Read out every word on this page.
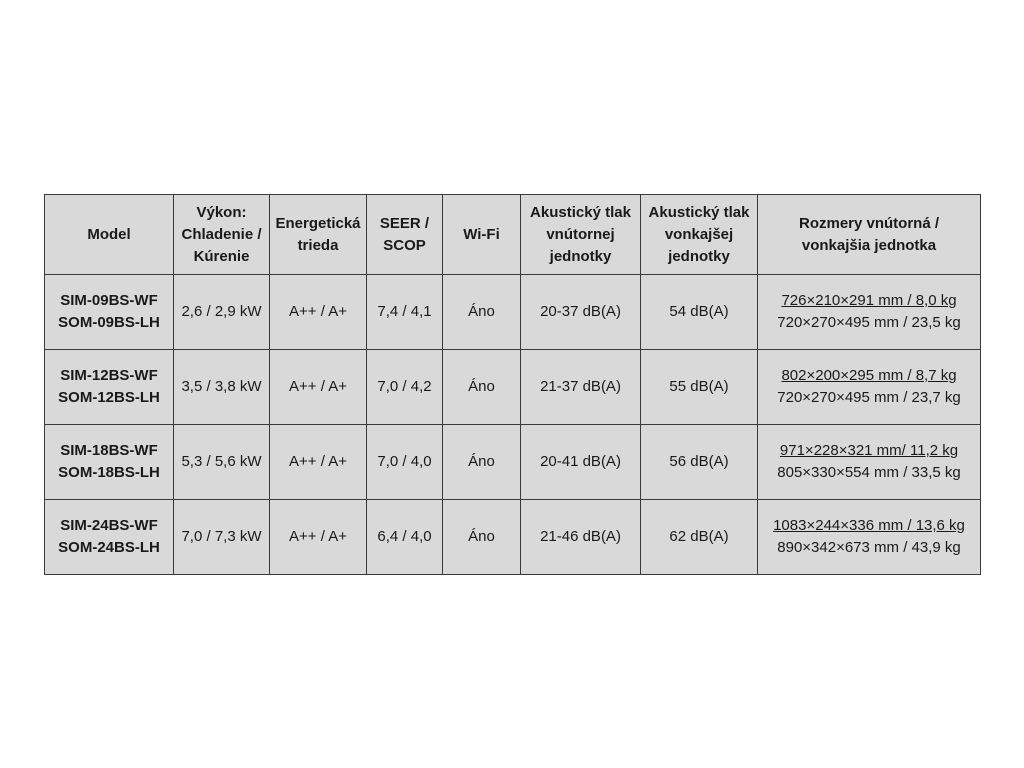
Model	Výkon:
Chladenie /
Kúrenie	Energetická
trieda	SEER /
SCOP	Wi-Fi	Akustický tlak
vnútornej
jednotky	Akustický tlak
vonkajšej
jednotky	Rozmery vnútorná /
vonkajšia jednotka

SIM-09BS-WF
SOM-09BS-LH	2,6 / 2,9 kW	A++ / A+	7,4 / 4,1	Áno	20-37 dB(A)	54 dB(A)	726×210×291 mm / 8,0 kg
720×270×495 mm / 23,5 kg

SIM-12BS-WF
SOM-12BS-LH	3,5 / 3,8 kW	A++ / A+	7,0 / 4,2	Áno	21-37 dB(A)	55 dB(A)	802×200×295 mm / 8,7 kg
720×270×495 mm / 23,7 kg

SIM-18BS-WF
SOM-18BS-LH	5,3 / 5,6 kW	A++ / A+	7,0 / 4,0	Áno	20-41 dB(A)	56 dB(A)	971×228×321 mm/ 11,2 kg
805×330×554 mm / 33,5 kg

SIM-24BS-WF
SOM-24BS-LH	7,0 / 7,3 kW	A++ / A+	6,4 / 4,0	Áno	21-46 dB(A)	62 dB(A)	1083×244×336 mm / 13,6 kg
890×342×673 mm / 43,9 kg
